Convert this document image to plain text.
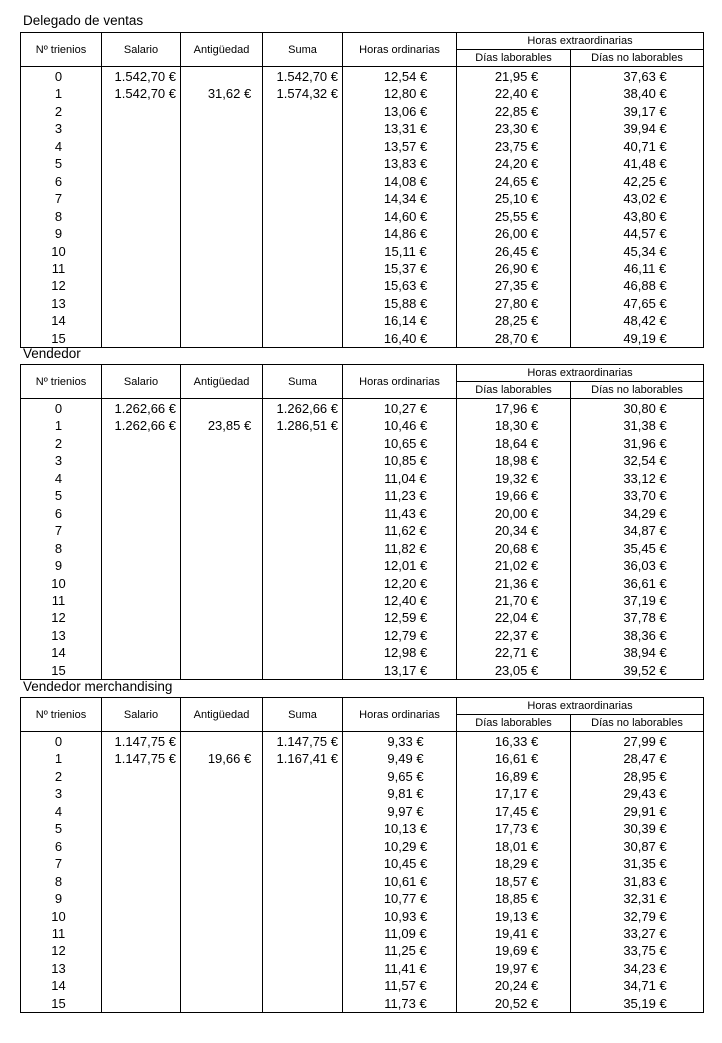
Delegado de ventas
Nº trienios	Salario	Antigüedad	Suma	Horas ordinarias	Horas extraordinarias	
					Días laborables	Días no laborables
0	1.542,70 €		1.542,70 €	12,54 €	21,95 €	37,63 €
1	1.542,70 €	31,62 €	1.574,32 €	12,80 €	22,40 €	38,40 €
2				13,06 €	22,85 €	39,17 €
3				13,31 €	23,30 €	39,94 €
4				13,57 €	23,75 €	40,71 €
5				13,83 €	24,20 €	41,48 €
6				14,08 €	24,65 €	42,25 €
7				14,34 €	25,10 €	43,02 €
8				14,60 €	25,55 €	43,80 €
9				14,86 €	26,00 €	44,57 €
10				15,11 €	26,45 €	45,34 €
11				15,37 €	26,90 €	46,11 €
12				15,63 €	27,35 €	46,88 €
13				15,88 €	27,80 €	47,65 €
14				16,14 €	28,25 €	48,42 €
15				16,40 €	28,70 €	49,19 €
Vendedor
Nº trienios	Salario	Antigüedad	Suma	Horas ordinarias	Horas extraordinarias	
					Días laborables	Días no laborables
0	1.262,66 €		1.262,66 €	10,27 €	17,96 €	30,80 €
1	1.262,66 €	23,85 €	1.286,51 €	10,46 €	18,30 €	31,38 €
2				10,65 €	18,64 €	31,96 €
3				10,85 €	18,98 €	32,54 €
4				11,04 €	19,32 €	33,12 €
5				11,23 €	19,66 €	33,70 €
6				11,43 €	20,00 €	34,29 €
7				11,62 €	20,34 €	34,87 €
8				11,82 €	20,68 €	35,45 €
9				12,01 €	21,02 €	36,03 €
10				12,20 €	21,36 €	36,61 €
11				12,40 €	21,70 €	37,19 €
12				12,59 €	22,04 €	37,78 €
13				12,79 €	22,37 €	38,36 €
14				12,98 €	22,71 €	38,94 €
15				13,17 €	23,05 €	39,52 €
Vendedor merchandising
Nº trienios	Salario	Antigüedad	Suma	Horas ordinarias	Horas extraordinarias	
					Días laborables	Días no laborables
0	1.147,75 €		1.147,75 €	9,33 €	16,33 €	27,99 €
1	1.147,75 €	19,66 €	1.167,41 €	9,49 €	16,61 €	28,47 €
2				9,65 €	16,89 €	28,95 €
3				9,81 €	17,17 €	29,43 €
4				9,97 €	17,45 €	29,91 €
5				10,13 €	17,73 €	30,39 €
6				10,29 €	18,01 €	30,87 €
7				10,45 €	18,29 €	31,35 €
8				10,61 €	18,57 €	31,83 €
9				10,77 €	18,85 €	32,31 €
10				10,93 €	19,13 €	32,79 €
11				11,09 €	19,41 €	33,27 €
12				11,25 €	19,69 €	33,75 €
13				11,41 €	19,97 €	34,23 €
14				11,57 €	20,24 €	34,71 €
15				11,73 €	20,52 €	35,19 €
